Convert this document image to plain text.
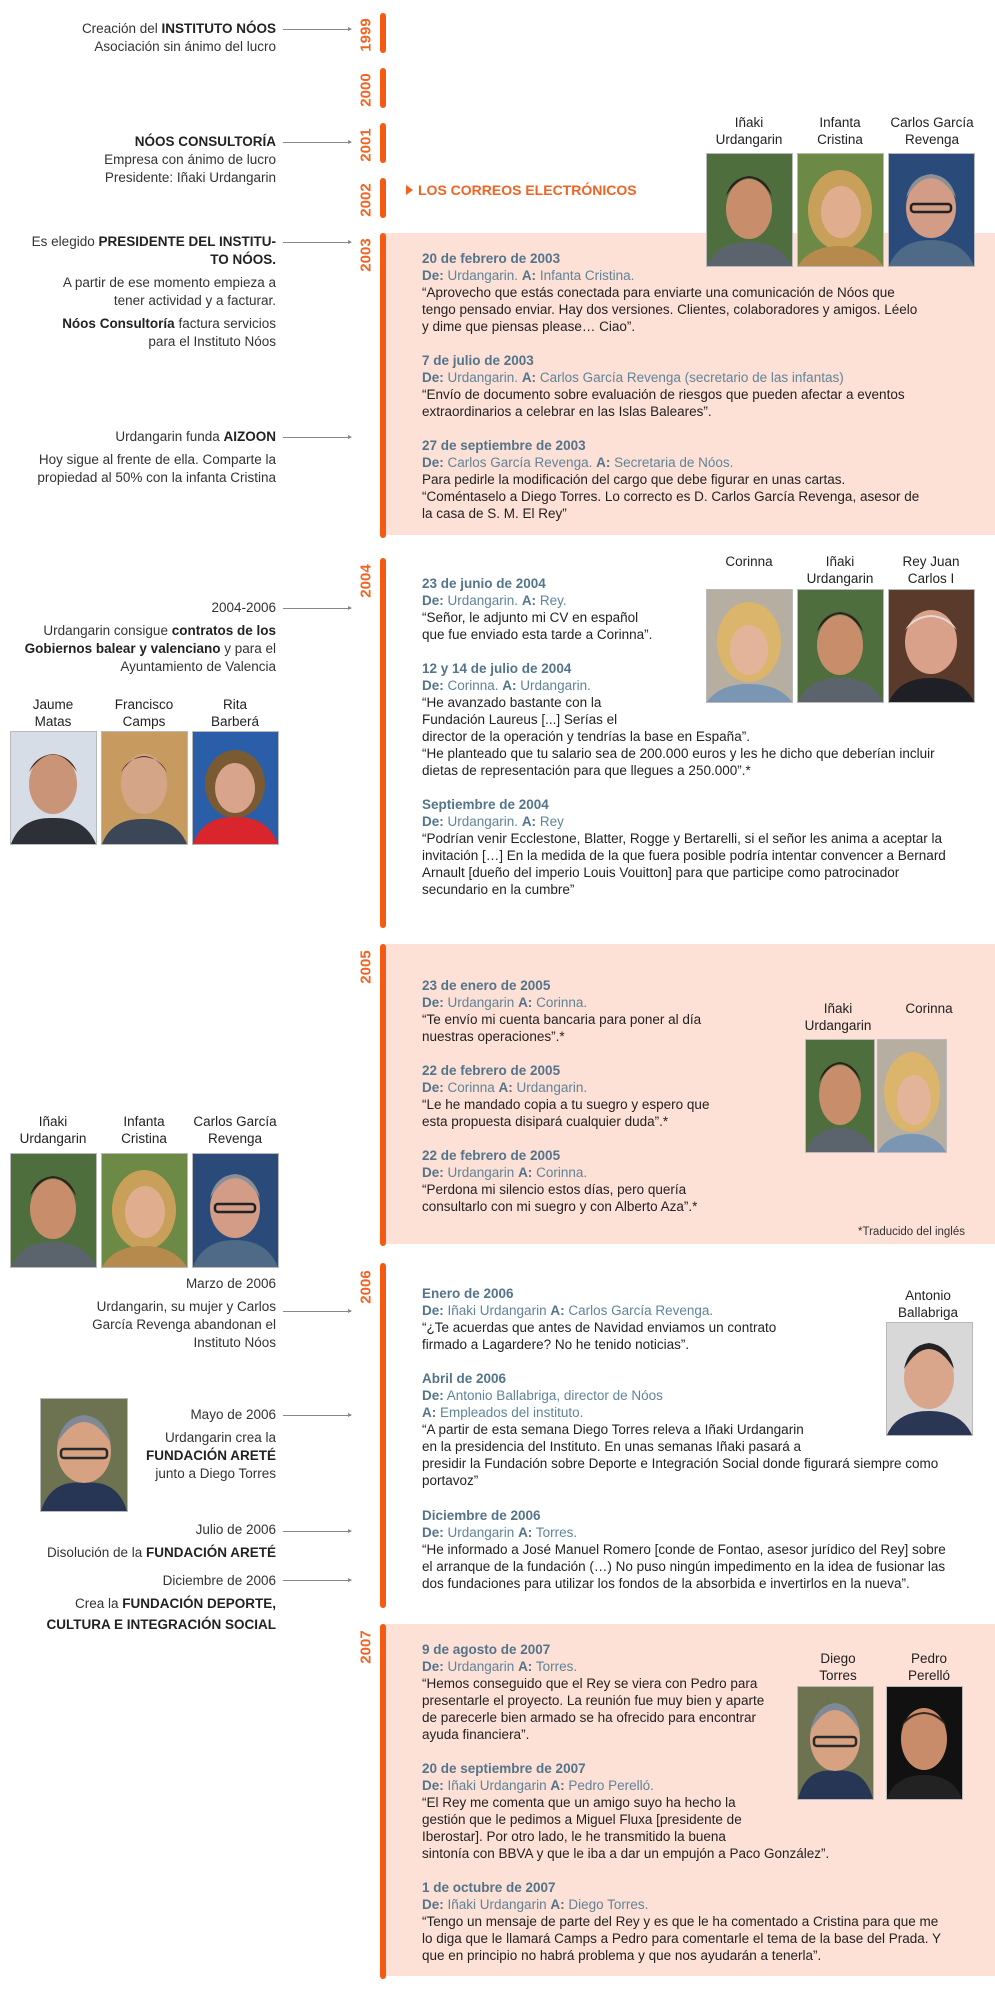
1999
2000
2001
2002
2003
2004
2005
2006
2007
Creación del INSTITUTO NÓOS
Asociación sin ánimo del lucro
NÓOS CONSULTORÍA
Empresa con ánimo de lucro
Presidente: Iñaki Urdangarin

Es elegido PRESIDENTE DEL INSTITU-
TO NÓOS.

A partir de ese momento empieza a
tener actividad y a facturar.

Nóos Consultoría factura servicios
para el Instituto Nóos

Urdangarin funda AIZOON

Hoy sigue al frente de ella. Comparte la
propiedad al 50% con la infanta Cristina

2004-2006

Urdangarin consigue contratos de los
Gobiernos balear y valenciano y para el
Ayuntamiento de Valencia
Jaume
Matas
Francisco
Camps
Rita
Barberá
Iñaki
Urdangarin
Infanta
Cristina
Carlos García
Revenga

Marzo de 2006

Urdangarin, su mujer y Carlos
García Revenga abandonan el
Instituto Nóos

Mayo de 2006

Urdangarin crea la
FUNDACIÓN ARETÉ
junto a Diego Torres

Julio de 2006

Disolución de la FUNDACIÓN ARETÉ

Diciembre de 2006

Crea la FUNDACIÓN DEPORTE,
CULTURA E INTEGRACIÓN SOCIAL
LOS CORREOS ELECTRÓNICOS
Iñaki
Urdangarin
Infanta
Cristina
Carlos García
Revenga
20 de febrero de 2003
De: Urdangarin. A: Infanta Cristina.
“Aprovecho que estás conectada para enviarte una comunicación de Nóos que
tengo pensado enviar. Hay dos versiones. Clientes, colaboradores y amigos. Léelo
y dime que piensas please… Ciao”.
7 de julio de 2003
De: Urdangarin. A: Carlos García Revenga (secretario de las infantas)
“Envío de documento sobre evaluación de riesgos que pueden afectar a eventos
extraordinarios a celebrar en las Islas Baleares”.
27 de septiembre de 2003
De: Carlos García Revenga. A: Secretaria de Nóos.
Para pedirle la modificación del cargo que debe figurar en unas cartas.
“Coméntaselo a Diego Torres. Lo correcto es D. Carlos García Revenga, asesor de
la casa de S. M. El Rey”
Corinna	Iñaki
Urdangarin
Rey Juan
Carlos I
23 de junio de 2004
De: Urdangarin. A: Rey.
“Señor, le adjunto mi CV en español
que fue enviado esta tarde a Corinna”.
12 y 14 de julio de 2004
De: Corinna. A: Urdangarin.
“He avanzado bastante con la
Fundación Laureus [...] Serías el
director de la operación y tendrías la base en España”.
“He planteado que tu salario sea de 200.000 euros y les he dicho que deberían incluir
dietas de representación para que llegues a 250.000”.*
Septiembre de 2004
De: Urdangarin. A: Rey
“Podrían venir Ecclestone, Blatter, Rogge y Bertarelli, si el señor les anima a aceptar la
invitación […] En la medida de la que fuera posible podría intentar convencer a Bernard
Arnault [dueño del imperio Louis Vouitton] para que participe como patrocinador
secundario en la cumbre”
23 de enero de 2005
De: Urdangarin A: Corinna.
“Te envío mi cuenta bancaria para poner al día
nuestras operaciones”.*
22 de febrero de 2005
De: Corinna A: Urdangarin.
“Le he mandado copia a tu suegro y espero que
esta propuesta disipará cualquier duda”.*
22 de febrero de 2005
De: Urdangarin A: Corinna.
“Perdona mi silencio estos días, pero quería
consultarlo con mi suegro y con Alberto Aza”.*
Iñaki
Urdangarin
Corinna
*Traducido del inglés
Enero de 2006
De: Iñaki Urdangarin A: Carlos García Revenga.
“¿Te acuerdas que antes de Navidad enviamos un contrato
firmado a Lagardere? No he tenido noticias”.
Abril de 2006
De: Antonio Ballabriga, director de Nóos
A: Empleados del instituto.
“A partir de esta semana Diego Torres releva a Iñaki Urdangarin
en la presidencia del Instituto. En unas semanas Iñaki pasará a
presidir la Fundación sobre Deporte e Integración Social donde figurará siempre como
portavoz”
Diciembre de 2006
De: Urdangarin A: Torres.
“He informado a José Manuel Romero [conde de Fontao, asesor jurídico del Rey] sobre
el arranque de la fundación (…) No puso ningún impedimento en la idea de fusionar las
dos fundaciones para utilizar los fondos de la absorbida e invertirlos en la nueva”.
Antonio
Ballabriga
9 de agosto de 2007
De: Urdangarin A: Torres.
“Hemos conseguido que el Rey se viera con Pedro para
presentarle el proyecto. La reunión fue muy bien y aparte
de parecerle bien armado se ha ofrecido para encontrar
ayuda financiera”.
20 de septiembre de 2007
De: Iñaki Urdangarin A: Pedro Perelló.
“El Rey me comenta que un amigo suyo ha hecho la
gestión que le pedimos a Miguel Fluxa [presidente de
Iberostar]. Por otro lado, le he transmitido la buena
sintonía con BBVA y que le iba a dar un empujón a Paco González”.
1 de octubre de 2007
De: Iñaki Urdangarin A: Diego Torres.
“Tengo un mensaje de parte del Rey y es que le ha comentado a Cristina para que me
lo diga que le llamará Camps a Pedro para comentarle el tema de la base del Prada. Y
que en principio no habrá problema y que nos ayudarán a tenerla”.
Diego
Torres
Pedro
Perelló
